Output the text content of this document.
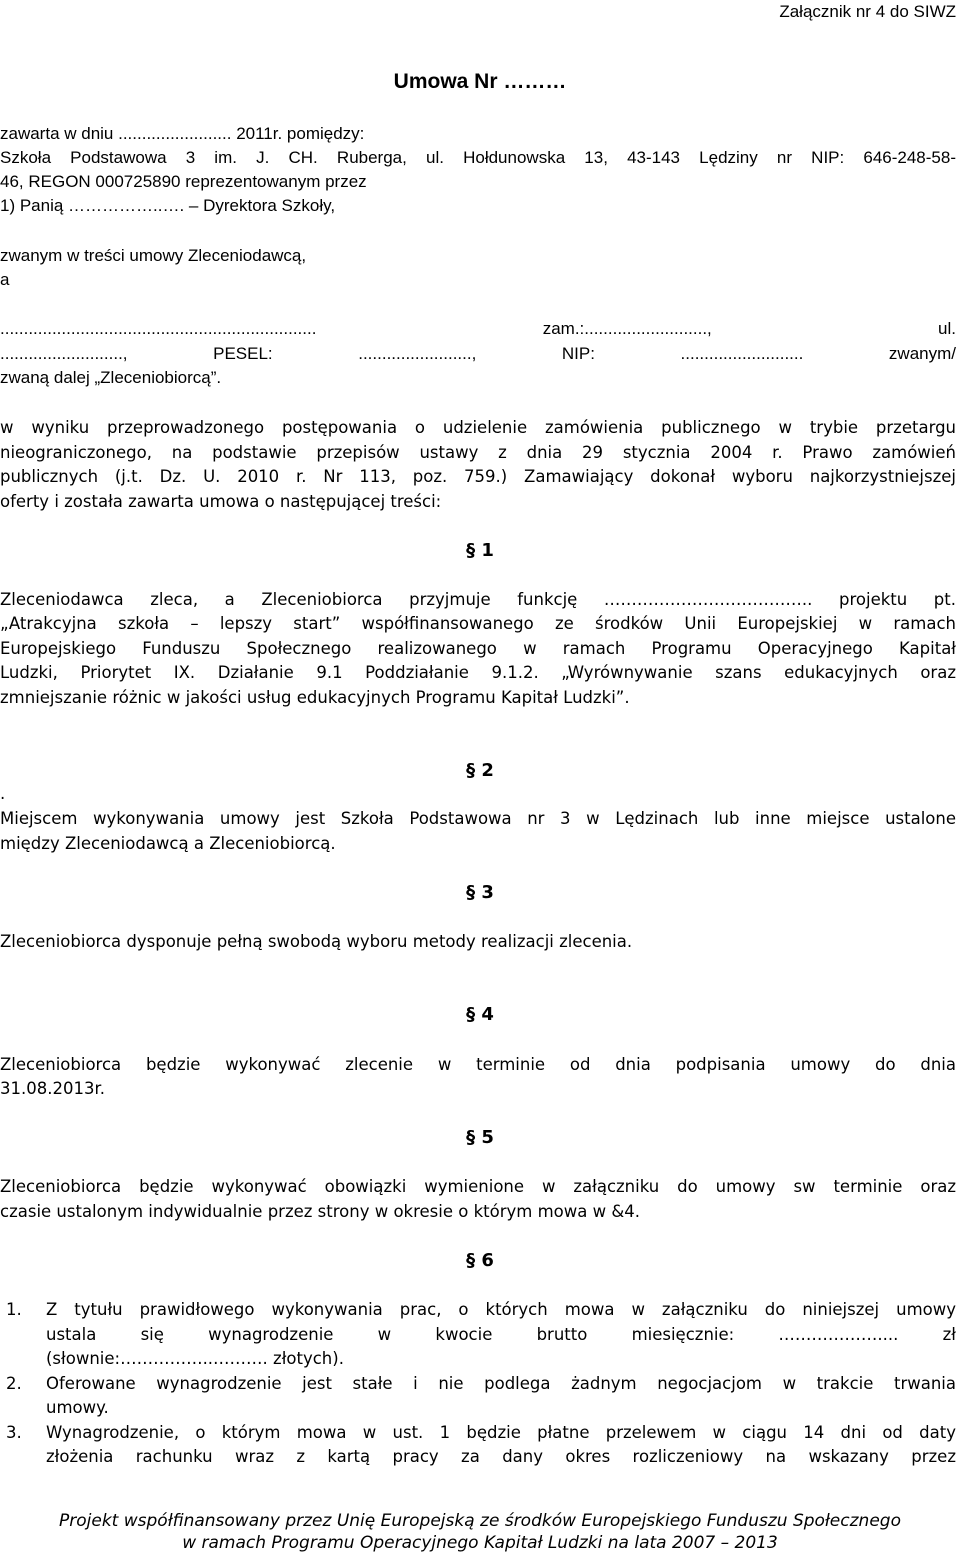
Załącznik nr 4 do SIWZ
Umowa Nr ………
zawarta w dniu ........................ 2011r. pomiędzy:
Szkoła Podstawowa 3 im. J. CH. Ruberga, ul. Hołdunowska 13, 43-143 Lędziny nr NIP: 646-248-58-
46, REGON 000725890 reprezentowanym przez
1) Panią ……………..…. – Dyrektora Szkoły,
zwanym w treści umowy Zleceniodawcą,
a
................................................................... zam.:.........................., ul.
.........................., PESEL: ........................, NIP: .......................... zwanym/
zwaną dalej „Zleceniobiorcą”.
w wyniku przeprowadzonego postępowania o udzielenie zamówienia publicznego w trybie przetargu
nieograniczonego, na podstawie przepisów ustawy z dnia 29 stycznia 2004 r. Prawo zamówień
publicznych (j.t. Dz. U. 2010 r. Nr 113, poz. 759.) Zamawiający dokonał wyboru najkorzystniejszej
oferty i została zawarta umowa o następującej treści:
§ 1
Zleceniodawca zleca, a Zleceniobiorca przyjmuje funkcję ……………………………….. projektu pt.
„Atrakcyjna szkoła – lepszy start” współfinansowanego ze środków Unii Europejskiej w ramach
Europejskiego Funduszu Społecznego realizowanego w ramach Programu Operacyjnego Kapitał
Ludzki, Priorytet IX. Działanie 9.1 Poddziałanie 9.1.2. „Wyrównywanie szans edukacyjnych oraz
zmniejszanie różnic w jakości usług edukacyjnych Programu Kapitał Ludzki”.
§ 2
.
Miejscem wykonywania umowy jest Szkoła Podstawowa nr 3 w Lędzinach lub inne miejsce ustalone
między Zleceniodawcą a Zleceniobiorcą.
§ 3
Zleceniobiorca dysponuje pełną swobodą wyboru metody realizacji zlecenia.
§ 4
Zleceniobiorca będzie wykonywać zlecenie w terminie od dnia podpisania umowy do dnia
31.08.2013r.
§ 5
Zleceniobiorca będzie wykonywać obowiązki wymienione w załączniku do umowy sw terminie oraz
czasie ustalonym indywidualnie przez strony w okresie o którym mowa w &4.
§ 6
1.	Z tytułu prawidłowego wykonywania prac, o których mowa w załączniku do niniejszej umowy
ustala się wynagrodzenie w kwocie brutto miesięcznie: ……………….... zł
(słownie:……………..………. złotych).
2.	Oferowane wynagrodzenie jest stałe i nie podlega żadnym negocjacjom w trakcie trwania
umowy.
3.	Wynagrodzenie, o którym mowa w ust. 1 będzie płatne przelewem w ciągu 14 dni od daty
złożenia rachunku wraz z kartą pracy za dany okres rozliczeniowy na wskazany przez
Projekt współfinansowany przez Unię Europejską ze środków Europejskiego Funduszu Społecznego
w ramach Programu Operacyjnego Kapitał Ludzki na lata 2007 – 2013
